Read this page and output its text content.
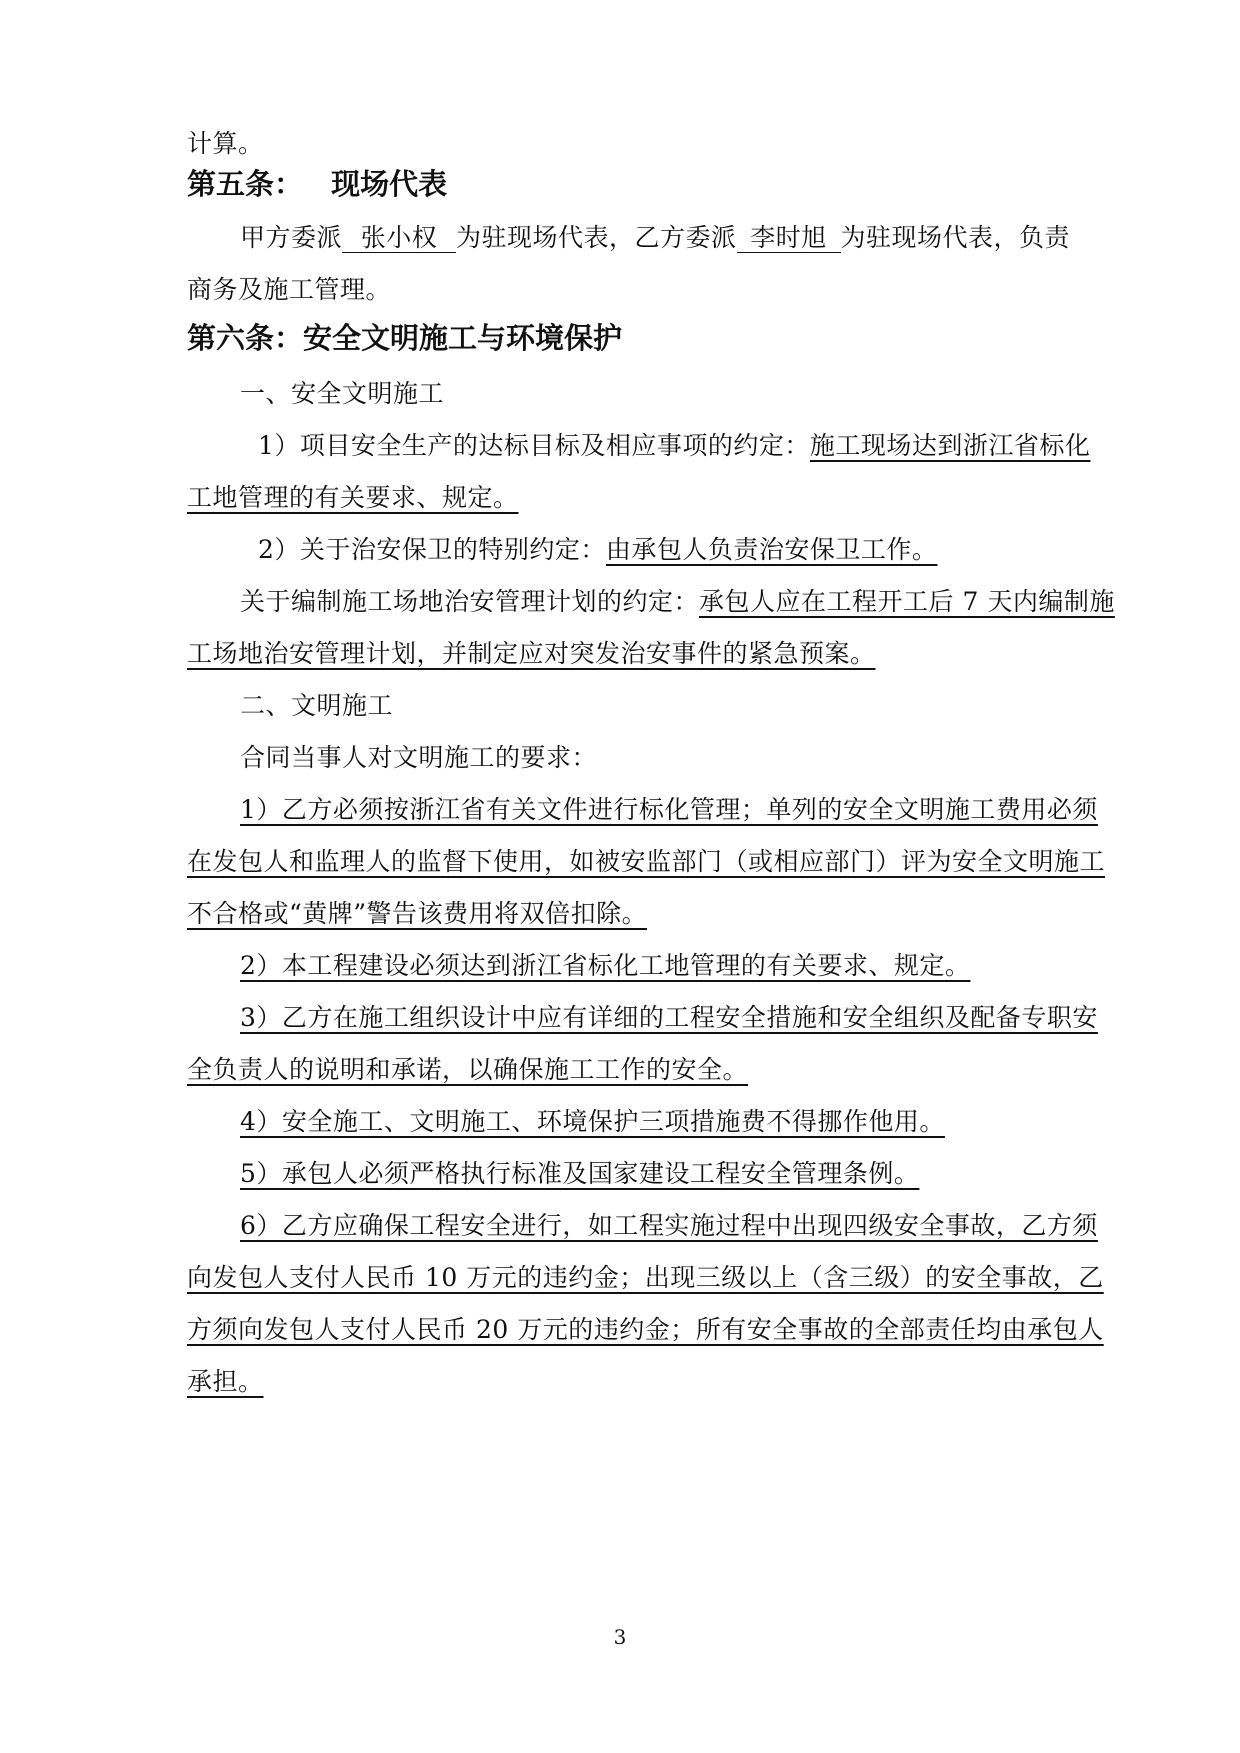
计算。
第五条： 现场代表
甲方委派 张小权 为驻现场代表，乙方委派 李时旭 为驻现场代表，负责
商务及施工管理。
第六条：安全文明施工与环境保护
一、安全文明施工
1）项目安全生产的达标目标及相应事项的约定：施工现场达到浙江省标化
工地管理的有关要求、规定。
2）关于治安保卫的特别约定：由承包人负责治安保卫工作。
关于编制施工场地治安管理计划的约定：承包人应在工程开工后 7 天内编制施
工场地治安管理计划，并制定应对突发治安事件的紧急预案。
二、文明施工
合同当事人对文明施工的要求：
1）乙方必须按浙江省有关文件进行标化管理；单列的安全文明施工费用必须
在发包人和监理人的监督下使用，如被安监部门（或相应部门）评为安全文明施工
不合格或“黄牌”警告该费用将双倍扣除。
2）本工程建设必须达到浙江省标化工地管理的有关要求、规定。
3）乙方在施工组织设计中应有详细的工程安全措施和安全组织及配备专职安
全负责人的说明和承诺，以确保施工工作的安全。
4）安全施工、文明施工、环境保护三项措施费不得挪作他用。
5）承包人必须严格执行标准及国家建设工程安全管理条例。
6）乙方应确保工程安全进行，如工程实施过程中出现四级安全事故，乙方须
向发包人支付人民币 10 万元的违约金；出现三级以上（含三级）的安全事故，乙
方须向发包人支付人民币 20 万元的违约金；所有安全事故的全部责任均由承包人
承担。
3
